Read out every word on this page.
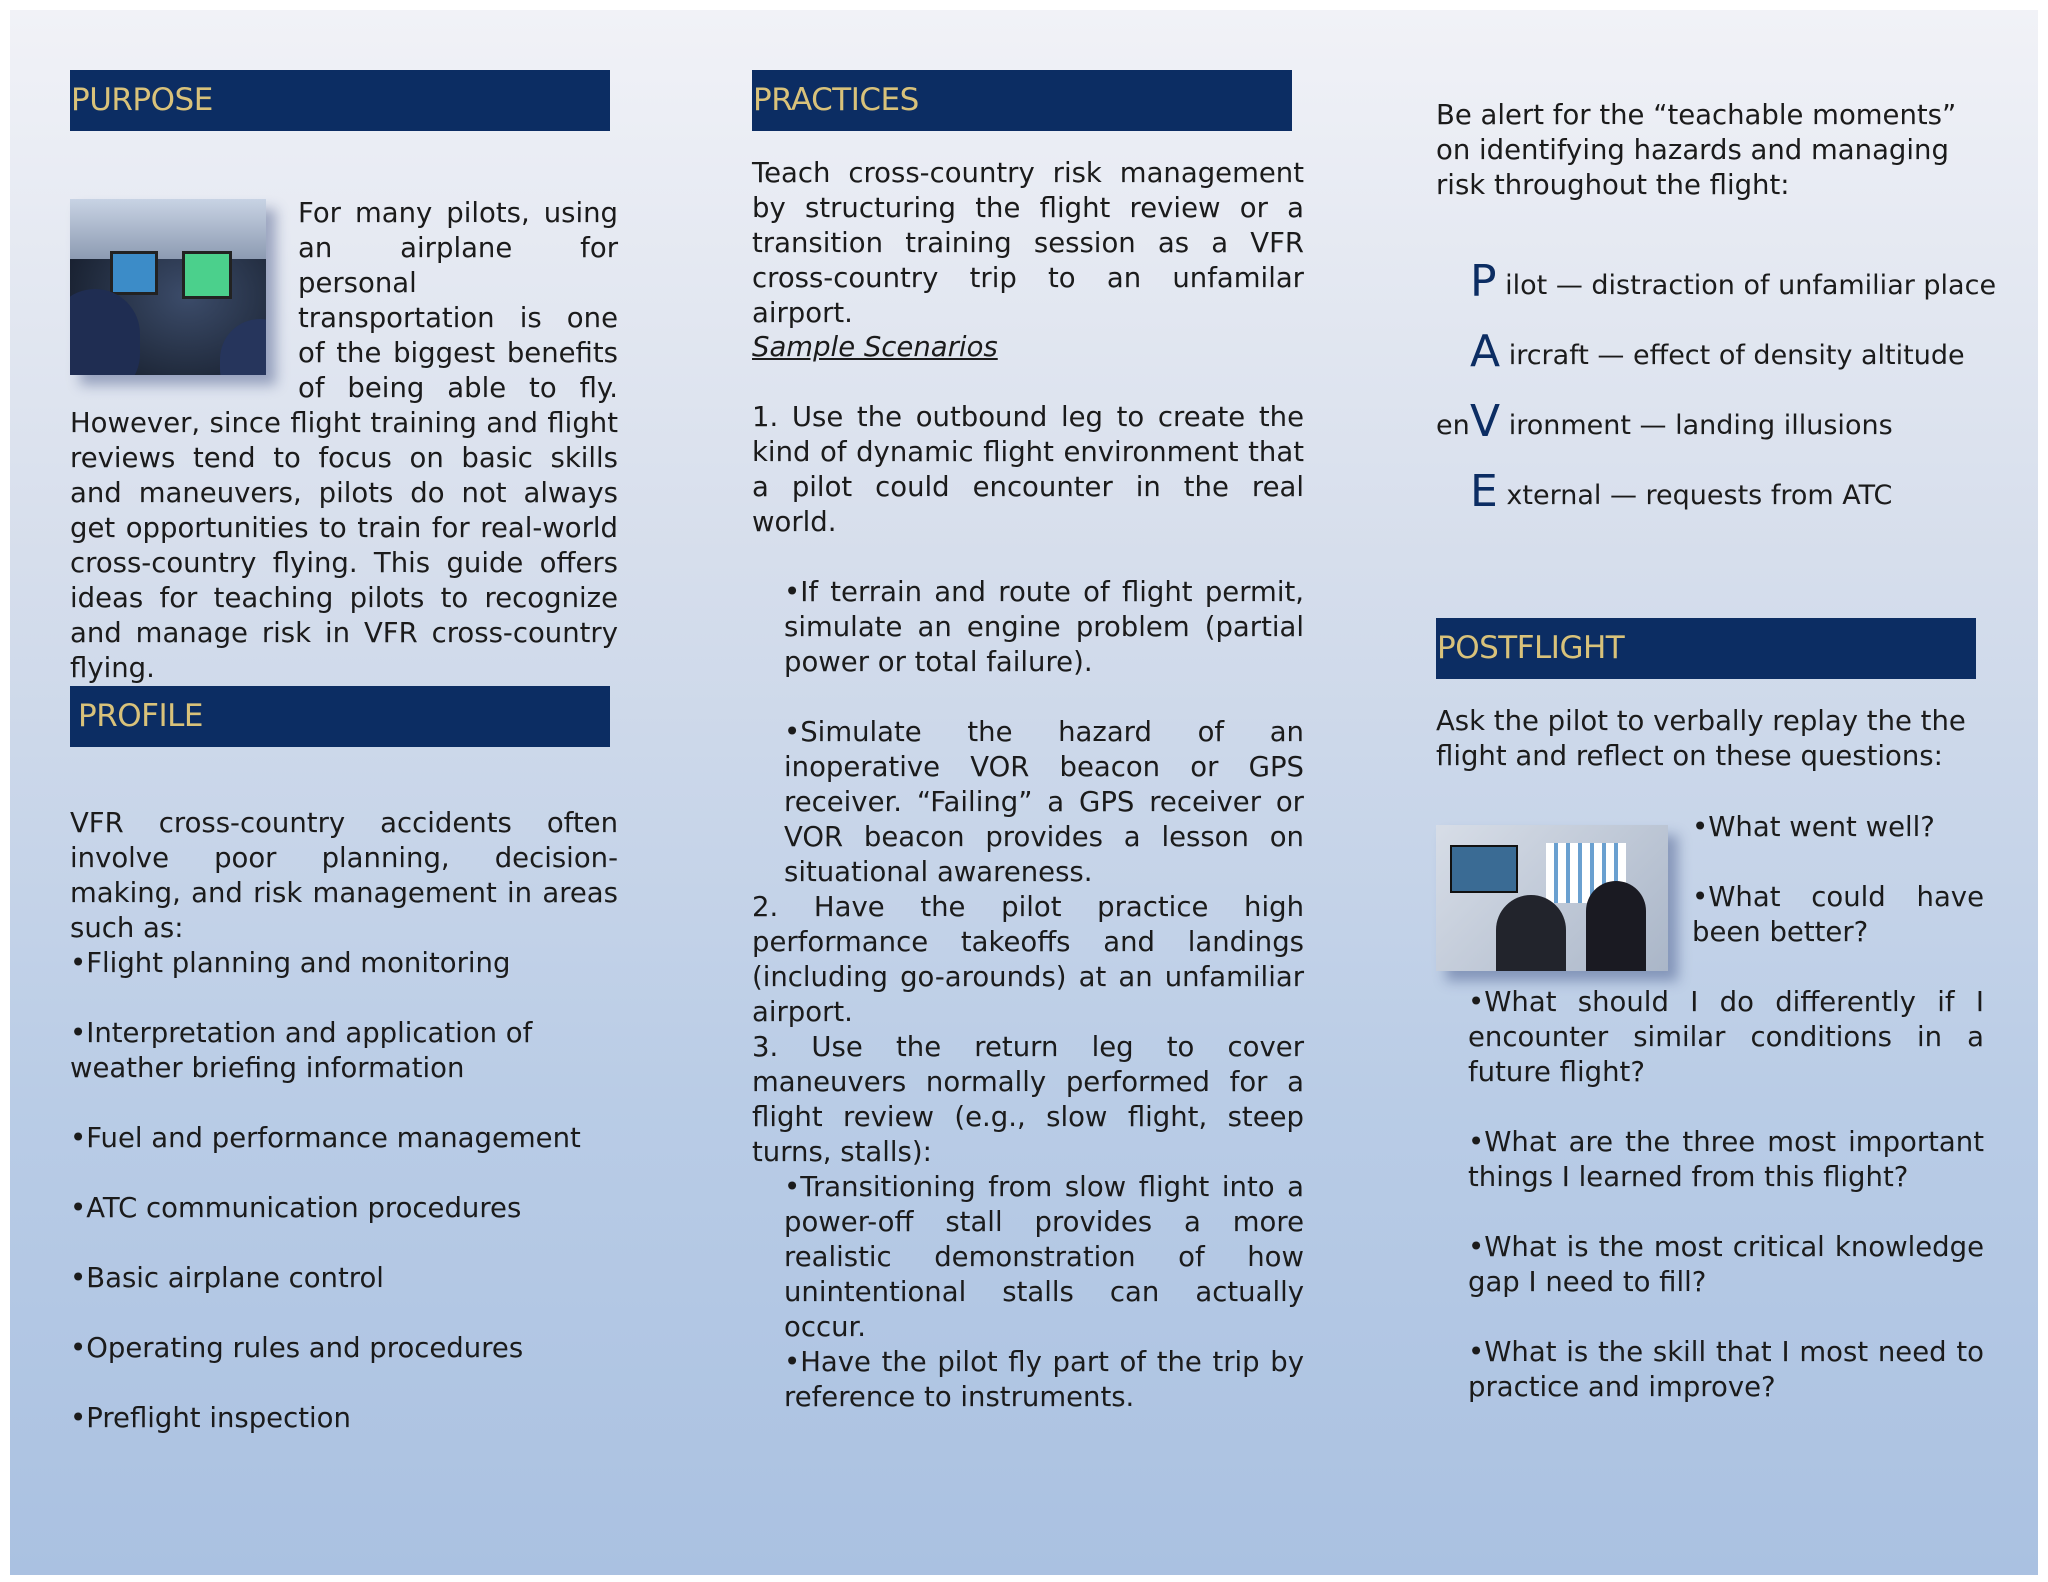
PURPOSE
For many pilots, using an airplane for personal transportation is one of the biggest benefits of being able to fly. However, since flight training and flight reviews tend to focus on basic skills and maneuvers, pilots do not always get opportunities to train for real-world cross-country flying. This guide offers ideas for teaching pilots to recognize and manage risk in VFR cross-country flying.
PROFILE
VFR cross-country accidents often involve poor planning, decision-making, and risk management in areas such as:
•Flight planning and monitoring
•Interpretation and application of weather briefing information
•Fuel and performance management
•ATC communication procedures
•Basic airplane control
•Operating rules and procedures
•Preflight inspection
PRACTICES
Teach cross-country risk management by structuring the flight review or a transition training session as a VFR cross-country trip to an unfamilar airport.
Sample Scenarios
1. Use the outbound leg to create the kind of dynamic flight environment that a pilot could encounter in the real world.
•If terrain and route of flight permit, simulate an engine problem (partial power or total failure).
•Simulate the hazard of an inoperative VOR beacon or GPS receiver. “Failing” a GPS receiver or VOR beacon provides a lesson on situational awareness.
2. Have the pilot practice high performance takeoffs and landings (including go-arounds) at an unfamiliar airport.
3. Use the return leg to cover maneuvers normally performed for a flight review (e.g., slow flight, steep turns, stalls):
•Transitioning from slow flight into a power-off stall provides a more realistic demonstration of how unintentional stalls can actually occur.
•Have the pilot fly part of the trip by reference to instruments.
Be alert for the “teachable moments” on identifying hazards and managing risk throughout the flight:
P ilot — distraction of unfamiliar place
A ircraft — effect of density altitude
enV ironment — landing illusions
E xternal — requests from ATC
POSTFLIGHT
Ask the pilot to verbally replay the the flight and reflect on these questions:
•What went well?
•What could have been better?
•What should I do differently if I encounter similar conditions in a future flight?
•What are the three most important things I learned from this flight?
•What is the most critical knowledge gap I need to fill?
•What is the skill that I most need to practice and improve?
